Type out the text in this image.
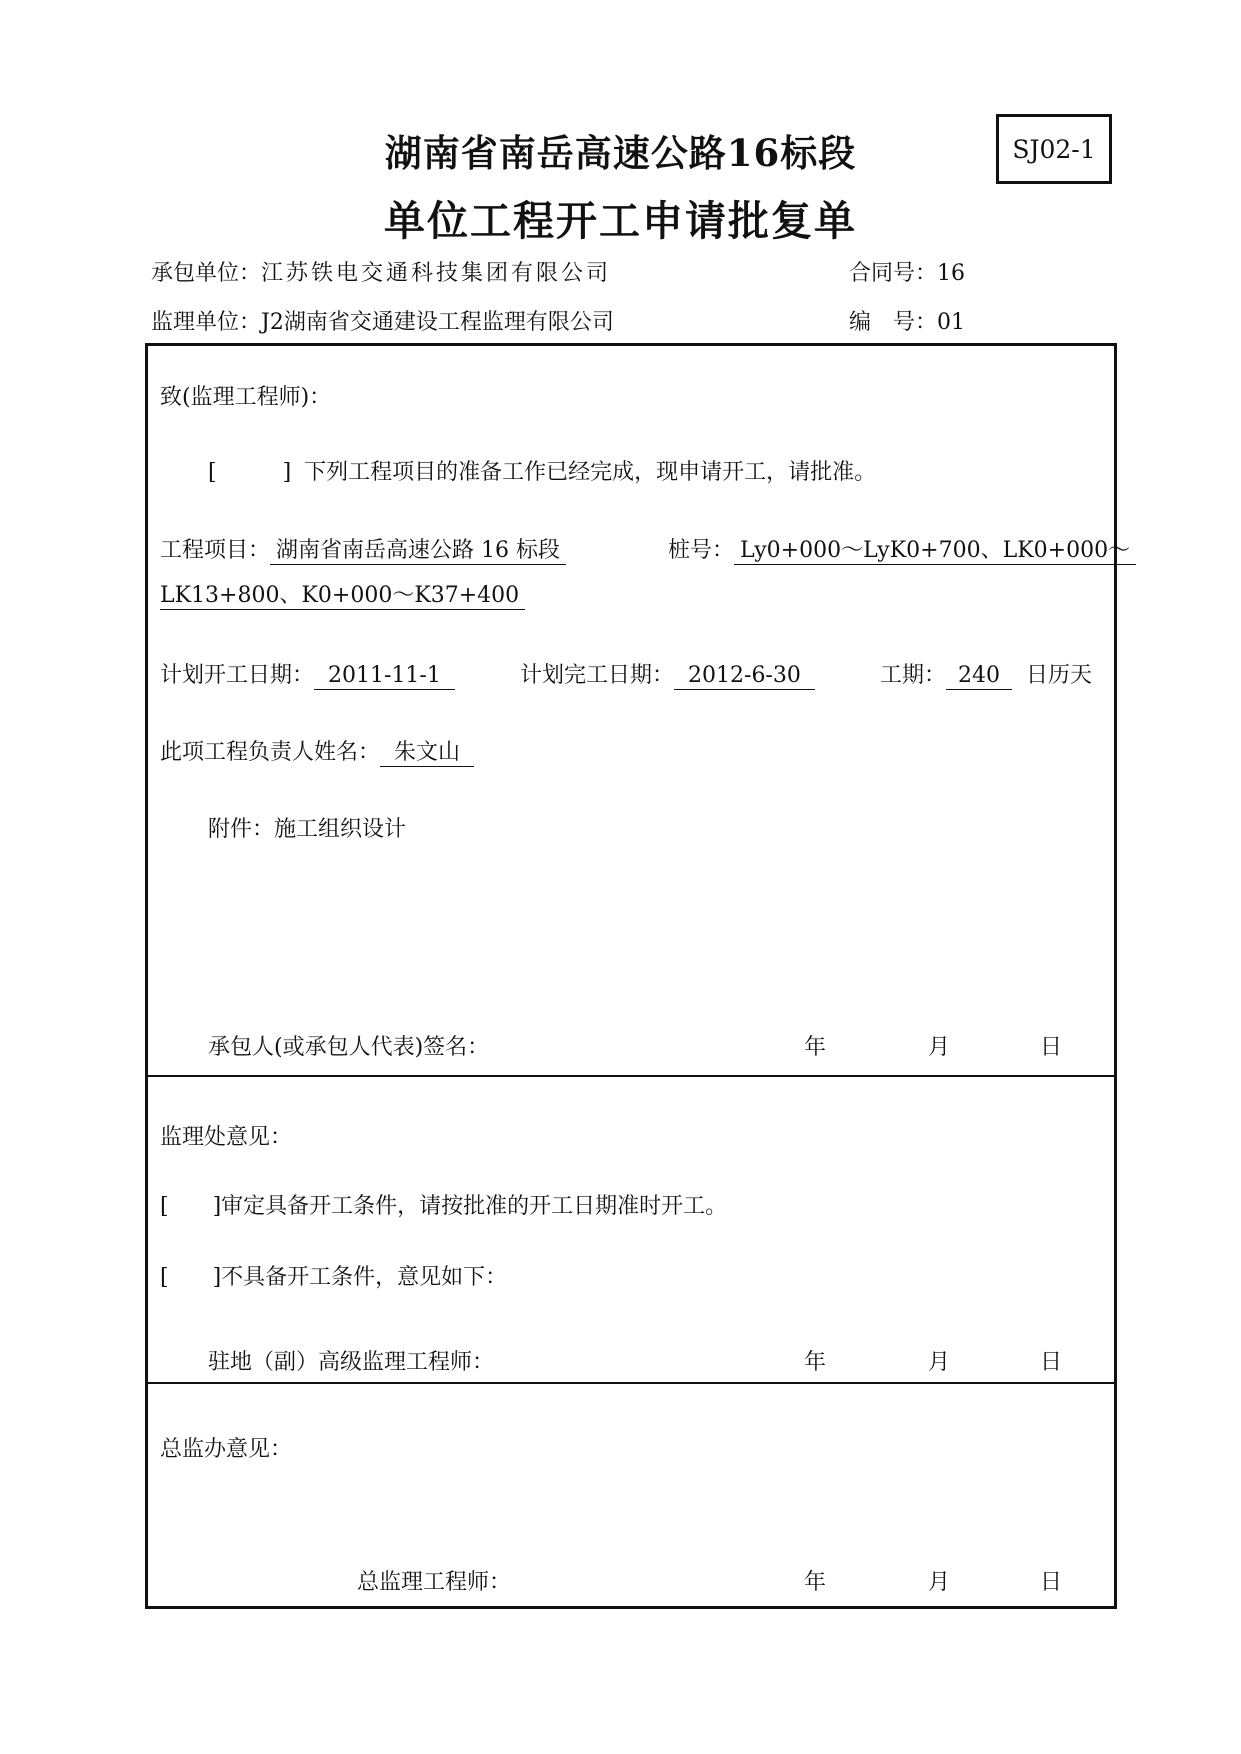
湖南省南岳高速公路16标段
单位工程开工申请批复单
SJ02-1
承包单位：江苏铁电交通科技集团有限公司	合同号：16
监理单位：J2湖南省交通建设工程监理有限公司	编　号：01
致(监理工程师)：
[　　　] 下列工程项目的准备工作已经完成，现申请开工，请批准。
工程项目： 湖南省南岳高速公路 16 标段	桩号： Ly0+000～LyK0+700、LK0+000～
LK13+800、K0+000～K37+400
计划开工日期： 2011-11-1	计划完工日期： 2012-6-30	工期： 240 日历天
此项工程负责人姓名： 朱文山
附件：施工组织设计
承包人(或承包人代表)签名：	年	月	日
监理处意见：
[　　]审定具备开工条件，请按批准的开工日期准时开工。
[　　]不具备开工条件，意见如下：
驻地（副）高级监理工程师：	年	月	日
总监办意见：
总监理工程师：	年	月	日
